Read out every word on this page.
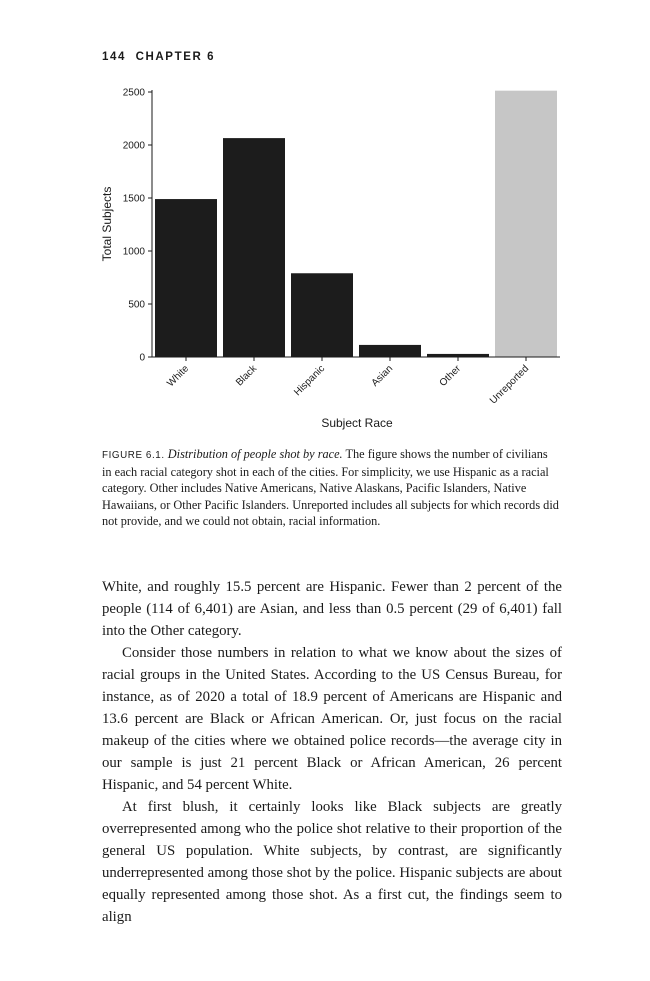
144 CHAPTER 6
0
500
1000
1500
2000
2500
White	Black	Hispanic	Asian	Other Unreported
Total Subjects
Subject Race
FIGURE 6.1. Distribution of people shot by race. The figure shows the number of civilians in each racial category shot in each of the cities. For simplicity, we use Hispanic as a racial category. Other includes Native Americans, Native Alaskans, Pacific Islanders, Native Hawaiians, or Other Pacific Islanders. Unreported includes all subjects for which records did not provide, and we could not obtain, racial information.

White, and roughly 15.5 percent are Hispanic. Fewer than 2 percent of the people (114 of 6,401) are Asian, and less than 0.5 percent (29 of 6,401) fall into the Other category.

Consider those numbers in relation to what we know about the sizes of racial groups in the United States. According to the US Census Bureau, for instance, as of 2020 a total of 18.9 percent of Americans are Hispanic and 13.6 percent are Black or African American. Or, just focus on the racial makeup of the cities where we obtained police records—the average city in our sample is just 21 percent Black or African American, 26 percent Hispanic, and 54 percent White.

At first blush, it certainly looks like Black subjects are greatly overrepresented among who the police shot relative to their proportion of the general US population. White subjects, by contrast, are significantly underrepresented among those shot by the police. Hispanic subjects are about equally represented among those shot. As a first cut, the findings seem to align
